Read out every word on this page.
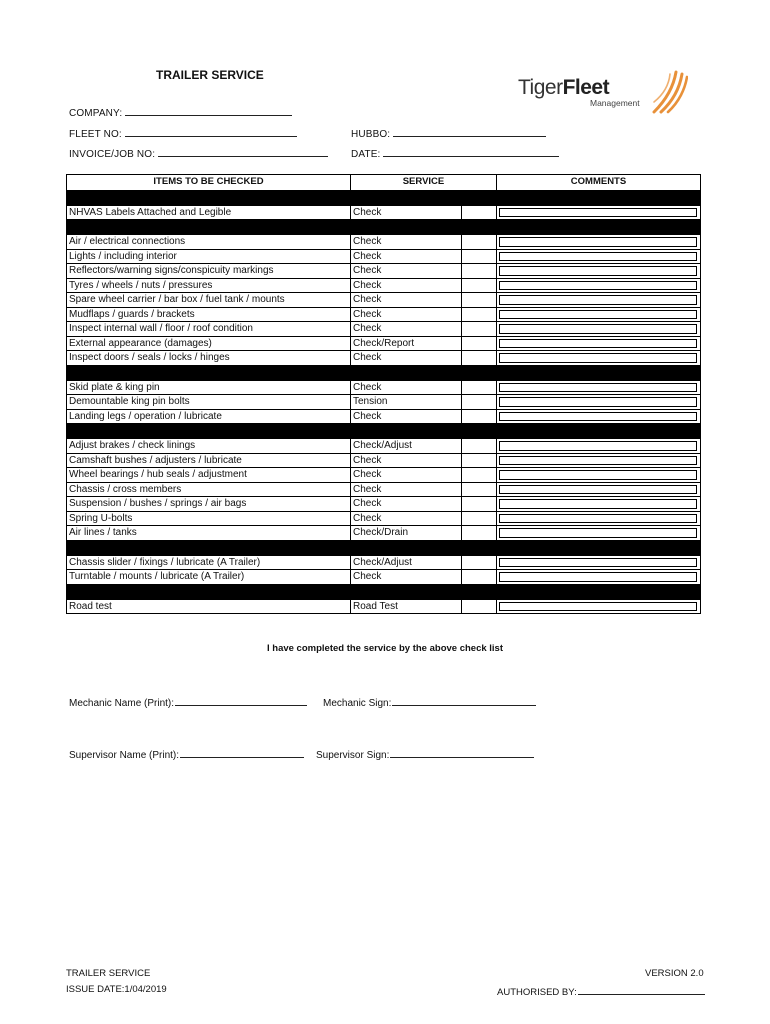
TRAILER SERVICE
TigerFleet
Management
COMPANY:
FLEET NO:	HUBBO:
INVOICE/JOB NO:	DATE:
ITEMS TO BE CHECKED	SERVICE	COMMENTS
NHVAS Labels Attached and Legible	Check
Air / electrical connections	Check
Lights / including interior	Check
Reflectors/warning signs/conspicuity markings	Check
Tyres / wheels / nuts / pressures	Check
Spare wheel carrier / bar box / fuel tank / mounts	Check
Mudflaps / guards / brackets	Check
Inspect internal wall / floor / roof condition	Check
External appearance (damages)	Check/Report
Inspect doors / seals / locks / hinges	Check
Skid plate & king pin	Check
Demountable king pin bolts	Tension
Landing legs / operation / lubricate	Check
Adjust brakes / check linings	Check/Adjust
Camshaft bushes / adjusters / lubricate	Check
Wheel bearings / hub seals / adjustment	Check
Chassis / cross members	Check
Suspension / bushes / springs / air bags	Check
Spring U-bolts	Check
Air lines / tanks	Check/Drain
Chassis slider / fixings / lubricate (A Trailer)	Check/Adjust
Turntable / mounts / lubricate (A Trailer)	Check
Road test	Road Test
I have completed the service by the above check list
Mechanic Name (Print):	Mechanic Sign:
Supervisor Name (Print):	Supervisor Sign:
TRAILER SERVICE
ISSUE DATE:1/04/2019
VERSION 2.0
AUTHORISED BY:
